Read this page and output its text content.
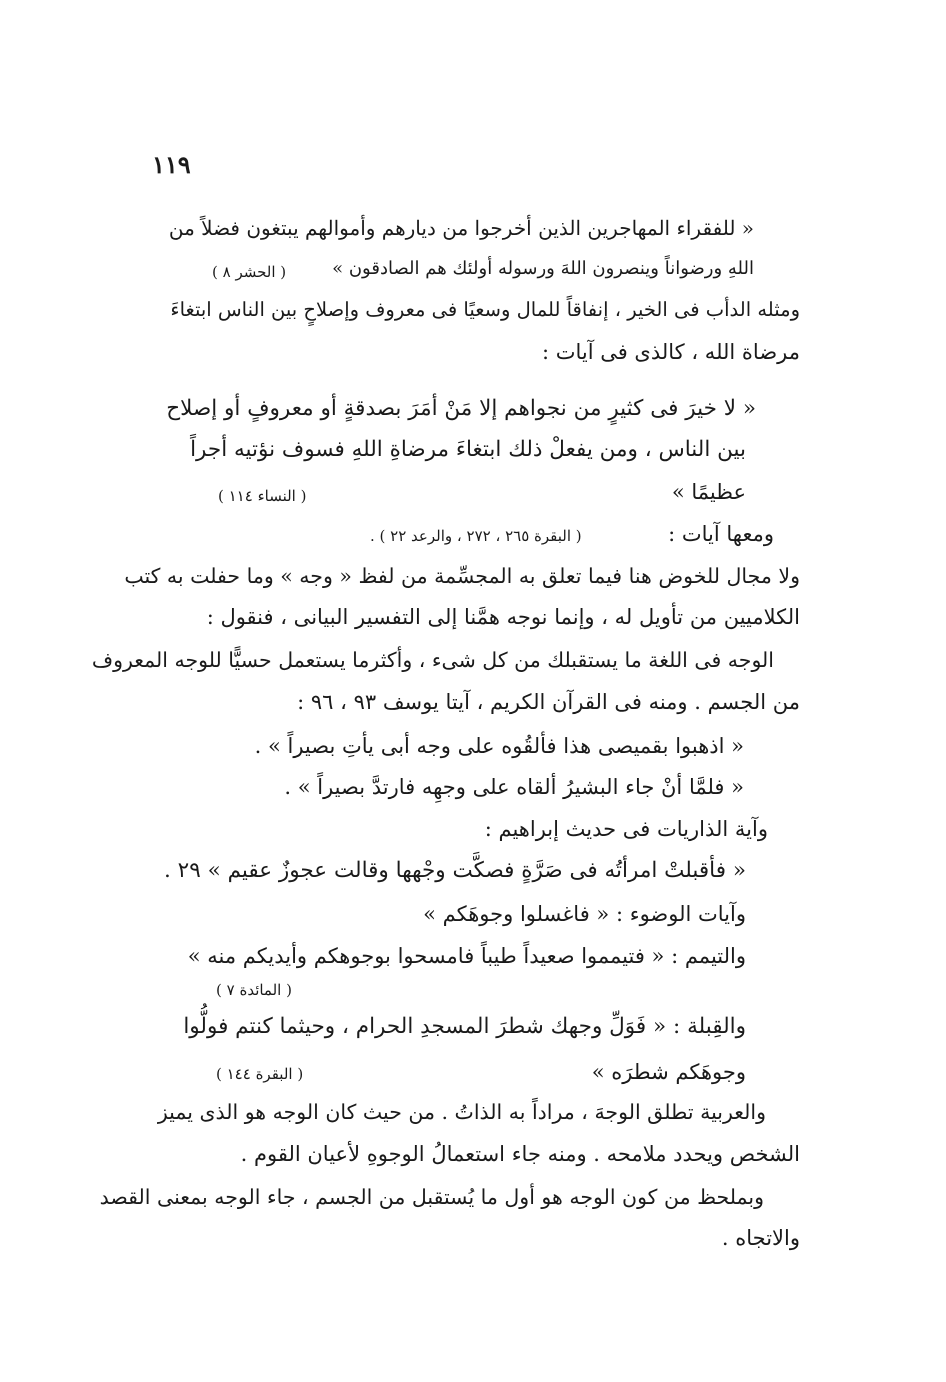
١١٩
« للفقراء المهاجرين الذين أخرجوا من ديارهم وأموالهم يبتغون فضلاً من
اللهِ ورضواناً وينصرون اللهَ ورسوله أولئك هم الصادقون »
( الحشر ٨ )
ومثله الدأب فى الخير ، إنفاقاً للمال وسعيًا فى معروف وإصلاحٍ بين الناس ابتغاءَ
مرضاة الله ، كالذى فى آيات :
« لا خيرَ فى كثيرٍ من نجواهم إلا مَنْ أمَرَ بصدقةٍ أو معروفٍ أو إصلاح
بين الناس ، ومن يفعلْ ذلك ابتغاءَ مرضاةِ اللهِ فسوف نؤتيه أجراً
عظيمًا »
( النساء ١١٤ )
ومعها آيات :
( البقرة ٢٦٥ ، ٢٧٢ ، والرعد ٢٢ ) .
ولا مجال للخوض هنا فيما تعلق به المجسِّمة من لفظ « وجه » وما حفلت به كتب
الكلاميين من تأويل له ، وإنما نوجه همَّنا إلى التفسير البيانى ، فنقول :
الوجه فى اللغة ما يستقبلك من كل شىء ، وأكثرما يستعمل حسيًّا للوجه المعروف
من الجسم . ومنه فى القرآن الكريم ، آيتا يوسف ٩٣ ، ٩٦ :
« اذهبوا بقميصى هذا فألقُوه على وجه أبى يأتِ بصيراً » .
« فلمَّا أنْ جاء البشيرُ ألقاه على وجهِه فارتدَّ بصيراً » .
وآية الذاريات فى حديث إبراهيم :
« فأقبلتْ امرأتُه فى صَرَّةٍ فصكَّت وجْهها وقالت عجوزٌ عقيم » ٢٩ .
وآيات الوضوء : « فاغسلوا وجوهَكم »
والتيمم : « فتيمموا صعيداً طيباً فامسحوا بوجوهكم وأيديكم منه »
( المائدة ٧ )
والقِبلة : « فَوَلِّ وجهك شطرَ المسجدِ الحرام ، وحيثما كنتم فولُّوا
وجوهَكم شطرَه »
( البقرة ١٤٤ )
والعربية تطلق الوجهَ ، مراداً به الذاتُ . من حيث كان الوجه هو الذى يميز
الشخص ويحدد ملامحه . ومنه جاء استعمالُ الوجوهِ لأعيان القوم .
وبملحظ من كون الوجه هو أول ما يُستقبل من الجسم ، جاء الوجه بمعنى القصد
والاتجاه .
